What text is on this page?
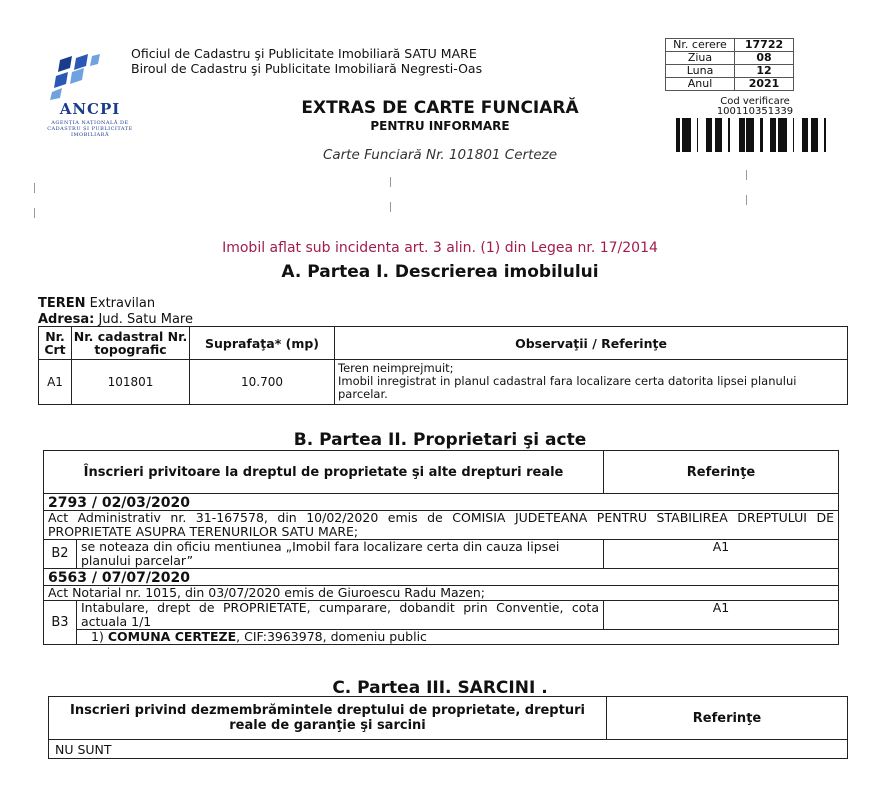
ANCPI
AGENȚIA NAȚIONALĂ DE CADASTRU ȘI PUBLICITATE IMOBILIARĂ
Oficiul de Cadastru şi Publicitate Imobiliară SATU MARE
Biroul de Cadastru şi Publicitate Imobiliară Negresti-Oas
EXTRAS DE CARTE FUNCIARĂ
PENTRU INFORMARE
Carte Funciară Nr. 101801 Certeze
Nr. cerere	17722
Ziua	08
Luna	12
Anul	2021
Cod verificare
100110351339
Imobil aflat sub incidenta art. 3 alin. (1) din Legea nr. 17/2014
A. Partea I. Descrierea imobilului
TEREN Extravilan
Adresa: Jud. Satu Mare
Nr. Crt	Nr. cadastral Nr. topografic	Suprafaţa* (mp)	Observaţii / Referinţe
A1	101801	10.700	Teren neimprejmuit;
Imobil inregistrat in planul cadastral fara localizare certa datorita lipsei planului parcelar.
B. Partea II. Proprietari şi acte
Înscrieri privitoare la dreptul de proprietate şi alte drepturi reale		Referinţe
2793 / 02/03/2020		
Act Administrativ nr. 31-167578, din 10/02/2020 emis de COMISIA JUDETEANA PENTRU STABILIREA DREPTULUI DE PROPRIETATE ASUPRA TERENURILOR SATU MARE;		
B2	se noteaza din oficiu mentiunea „Imobil fara localizare certa din cauza lipsei planului parcelar”	A1
6563 / 07/07/2020		
Act Notarial nr. 1015, din 03/07/2020 emis de Giuroescu Radu Mazen;		
B3	Intabulare, drept de PROPRIETATE, cumparare, dobandit prin Conventie, cota actuala 1/1	A1
	1) COMUNA CERTEZE, CIF:3963978, domeniu public	
C. Partea III. SARCINI .
Inscrieri privind dezmembrămintele dreptului de proprietate, drepturi reale de garanţie şi sarcini	Referinţe
NU SUNT
